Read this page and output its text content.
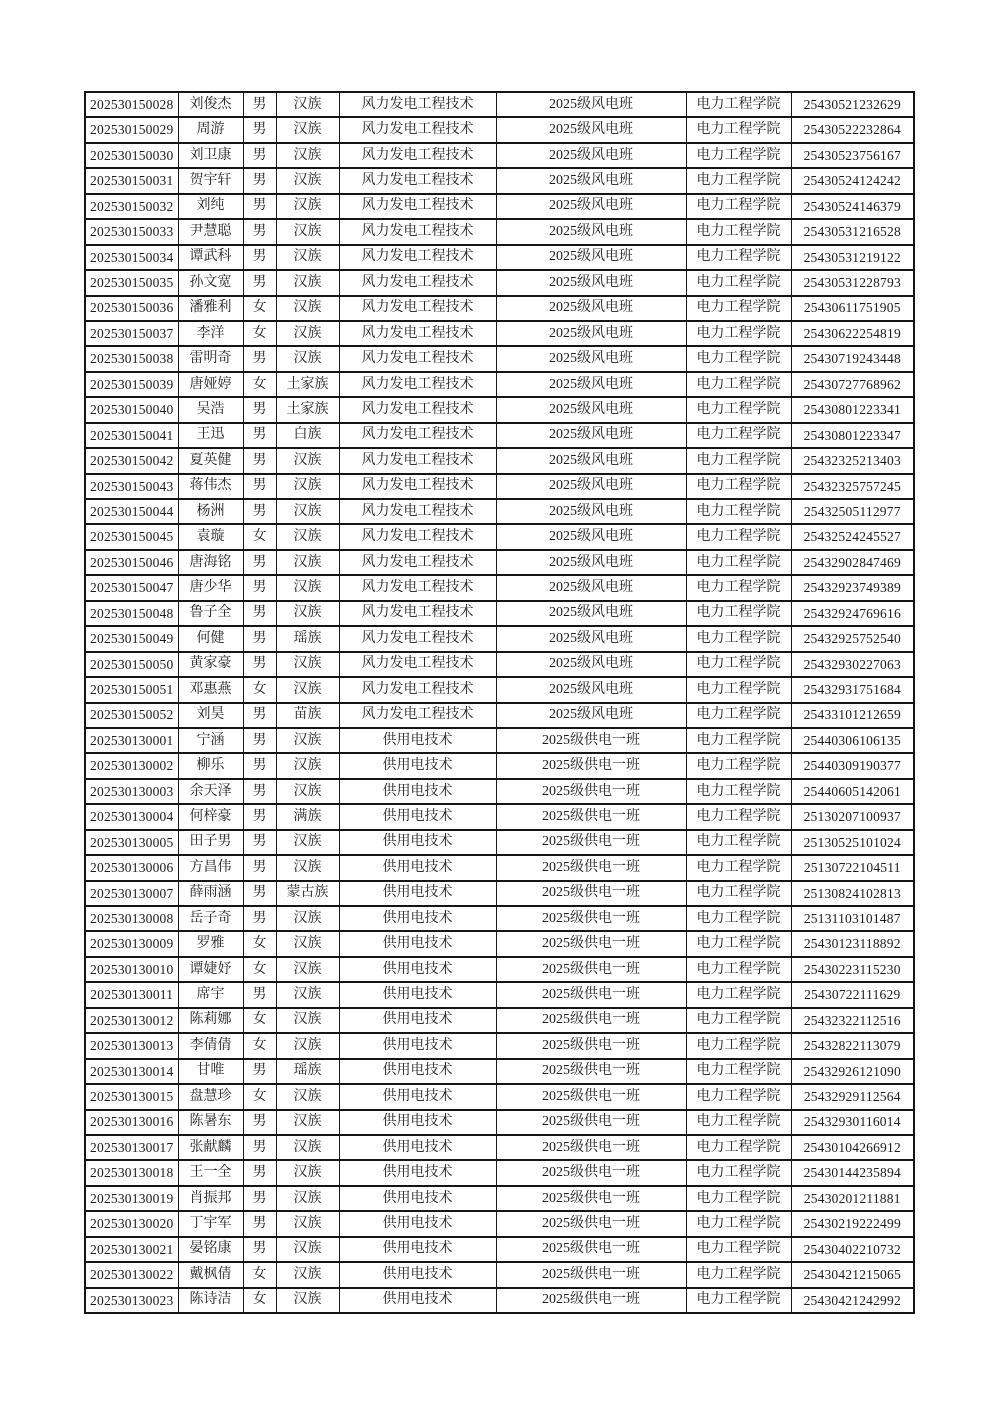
202530150028	刘俊杰	男	汉族	风力发电工程技术	2025级风电班	电力工程学院	25430521232629
202530150029	周游	男	汉族	风力发电工程技术	2025级风电班	电力工程学院	25430522232864
202530150030	刘卫康	男	汉族	风力发电工程技术	2025级风电班	电力工程学院	25430523756167
202530150031	贺宇轩	男	汉族	风力发电工程技术	2025级风电班	电力工程学院	25430524124242
202530150032	刘纯	男	汉族	风力发电工程技术	2025级风电班	电力工程学院	25430524146379
202530150033	尹慧聪	男	汉族	风力发电工程技术	2025级风电班	电力工程学院	25430531216528
202530150034	谭武科	男	汉族	风力发电工程技术	2025级风电班	电力工程学院	25430531219122
202530150035	孙文宽	男	汉族	风力发电工程技术	2025级风电班	电力工程学院	25430531228793
202530150036	潘雅利	女	汉族	风力发电工程技术	2025级风电班	电力工程学院	25430611751905
202530150037	李洋	女	汉族	风力发电工程技术	2025级风电班	电力工程学院	25430622254819
202530150038	雷明奇	男	汉族	风力发电工程技术	2025级风电班	电力工程学院	25430719243448
202530150039	唐娅婷	女	土家族	风力发电工程技术	2025级风电班	电力工程学院	25430727768962
202530150040	吴浩	男	土家族	风力发电工程技术	2025级风电班	电力工程学院	25430801223341
202530150041	王迅	男	白族	风力发电工程技术	2025级风电班	电力工程学院	25430801223347
202530150042	夏英健	男	汉族	风力发电工程技术	2025级风电班	电力工程学院	25432325213403
202530150043	蒋伟杰	男	汉族	风力发电工程技术	2025级风电班	电力工程学院	25432325757245
202530150044	杨洲	男	汉族	风力发电工程技术	2025级风电班	电力工程学院	25432505112977
202530150045	袁璇	女	汉族	风力发电工程技术	2025级风电班	电力工程学院	25432524245527
202530150046	唐海铭	男	汉族	风力发电工程技术	2025级风电班	电力工程学院	25432902847469
202530150047	唐少华	男	汉族	风力发电工程技术	2025级风电班	电力工程学院	25432923749389
202530150048	鲁子全	男	汉族	风力发电工程技术	2025级风电班	电力工程学院	25432924769616
202530150049	何健	男	瑶族	风力发电工程技术	2025级风电班	电力工程学院	25432925752540
202530150050	黄家豪	男	汉族	风力发电工程技术	2025级风电班	电力工程学院	25432930227063
202530150051	邓惠燕	女	汉族	风力发电工程技术	2025级风电班	电力工程学院	25432931751684
202530150052	刘昊	男	苗族	风力发电工程技术	2025级风电班	电力工程学院	25433101212659
202530130001	宁涵	男	汉族	供用电技术	2025级供电一班	电力工程学院	25440306106135
202530130002	柳乐	男	汉族	供用电技术	2025级供电一班	电力工程学院	25440309190377
202530130003	余天泽	男	汉族	供用电技术	2025级供电一班	电力工程学院	25440605142061
202530130004	何梓豪	男	满族	供用电技术	2025级供电一班	电力工程学院	25130207100937
202530130005	田子男	男	汉族	供用电技术	2025级供电一班	电力工程学院	25130525101024
202530130006	方昌伟	男	汉族	供用电技术	2025级供电一班	电力工程学院	25130722104511
202530130007	薛雨涵	男	蒙古族	供用电技术	2025级供电一班	电力工程学院	25130824102813
202530130008	岳子奇	男	汉族	供用电技术	2025级供电一班	电力工程学院	25131103101487
202530130009	罗雅	女	汉族	供用电技术	2025级供电一班	电力工程学院	25430123118892
202530130010	谭婕妤	女	汉族	供用电技术	2025级供电一班	电力工程学院	25430223115230
202530130011	席宇	男	汉族	供用电技术	2025级供电一班	电力工程学院	25430722111629
202530130012	陈莉娜	女	汉族	供用电技术	2025级供电一班	电力工程学院	25432322112516
202530130013	李倩倩	女	汉族	供用电技术	2025级供电一班	电力工程学院	25432822113079
202530130014	甘唯	男	瑶族	供用电技术	2025级供电一班	电力工程学院	25432926121090
202530130015	盘慧珍	女	汉族	供用电技术	2025级供电一班	电力工程学院	25432929112564
202530130016	陈暑东	男	汉族	供用电技术	2025级供电一班	电力工程学院	25432930116014
202530130017	张献麟	男	汉族	供用电技术	2025级供电一班	电力工程学院	25430104266912
202530130018	王一全	男	汉族	供用电技术	2025级供电一班	电力工程学院	25430144235894
202530130019	肖振邦	男	汉族	供用电技术	2025级供电一班	电力工程学院	25430201211881
202530130020	丁宇军	男	汉族	供用电技术	2025级供电一班	电力工程学院	25430219222499
202530130021	晏铭康	男	汉族	供用电技术	2025级供电一班	电力工程学院	25430402210732
202530130022	戴枫倩	女	汉族	供用电技术	2025级供电一班	电力工程学院	25430421215065
202530130023	陈诗洁	女	汉族	供用电技术	2025级供电一班	电力工程学院	25430421242992
